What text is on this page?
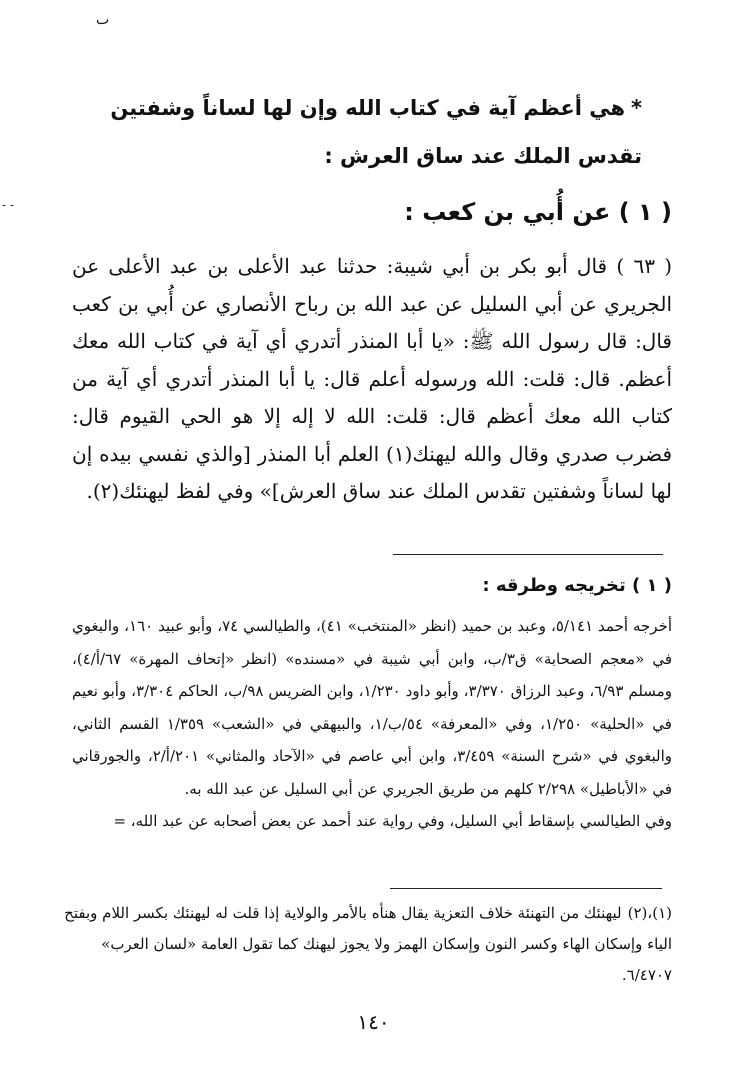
ٮ
- -
*هي أعظم آية في كتاب الله وإن لها لساناً وشفتين تقدس الملك عند ساق العرش :
( ١ ) عن أُبي بن كعب :
( ٦٣ ) قال أبو بكر بن أبي شيبة: حدثنا عبد الأعلى بن عبد الأعلى عن الجريري عن أبي السليل عن عبد الله بن رباح الأنصاري عن أُبي بن كعب قال: قال رسول الله ﷺ: «يا أبا المنذر أتدري أي آية في كتاب الله معك أعظم. قال: قلت: الله ورسوله أعلم قال: يا أبا المنذر أتدري أي آية من كتاب الله معك أعظم قال: قلت: الله لا إله إلا هو الحي القيوم قال: فضرب صدري وقال والله ليهنك(١) العلم أبا المنذر [والذي نفسي بيده إن لها لساناً وشفتين تقدس الملك عند ساق العرش]» وفي لفظ ليهنئك(٢).
( ١ ) تخريجه وطرقه :

أخرجه أحمد ٥/١٤١، وعبد بن حميد (انظر «المنتخب» ٤١)، والطيالسي ٧٤، وأبو عبيد ١٦٠، والبغوي في «معجم الصحابة» ق٣/ب، وابن أبي شيبة في «مسنده» (انظر «إتحاف المهرة» ٦٧/أ/٤)، ومسلم ٦/٩٣، وعبد الرزاق ٣/٣٧٠، وأبو داود ١/٢٣٠، وابن الضريس ٩٨/ب، الحاكم ٣/٣٠٤، وأبو نعيم في «الحلية» ١/٢٥٠، وفي «المعرفة» ٥٤/ب/١، والبيهقي في «الشعب» ١/٣٥٩ القسم الثاني، والبغوي في «شرح السنة» ٣/٤٥٩، وابن أبي عاصم في «الآحاد والمثاني» ٢٠١/أ/٢، والجورقاني في «الأباطيل» ٢/٢٩٨ كلهم من طريق الجريري عن أبي السليل عن عبد الله به.

وفي الطيالسي بإسقاط أبي السليل، وفي رواية عند أحمد عن بعض أصحابه عن عبد الله، =

(١)،(٢)ليهنئك من التهنئة خلاف التعزية يقال هنأه بالأمر والولاية إذا قلت له ليهنئك بكسر اللام وبفتح الياء وإسكان الهاء وكسر النون وإسكان الهمز ولا يجوز ليهنك كما تقول العامة «لسان العرب» ٦/٤٧٠٧.
١٤٠
